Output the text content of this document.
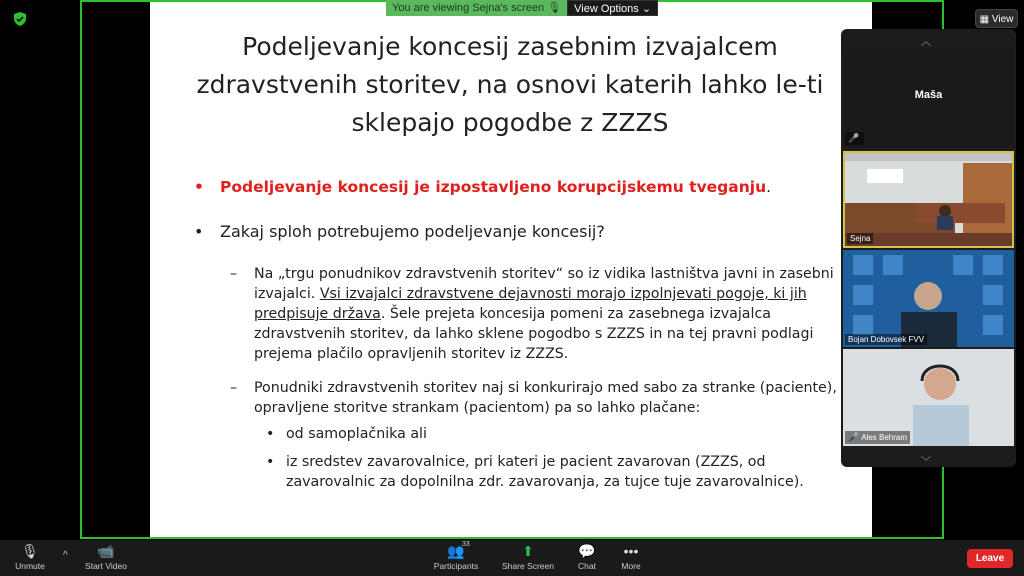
Podeljevanje koncesij zasebnim izvajalcem zdravstvenih storitev, na osnovi katerih lahko le-ti sklepajo pogodbe z ZZZS
• Podeljevanje koncesij je izpostavljeno korupcijskemu tveganju.
• Zakaj sploh potrebujemo podeljevanje koncesij?
– Na „trgu ponudnikov zdravstvenih storitev“ so iz vidika lastništva javni in zasebni izvajalci. Vsi izvajalci zdravstvene dejavnosti morajo izpolnjevati pogoje, ki jih predpisuje država. Šele prejeta koncesija pomeni za zasebnega izvajalca zdravstvenih storitev, da lahko sklene pogodbo s ZZZS in na tej pravni podlagi prejema plačilo opravljenih storitev iz ZZZS.
– Ponudniki zdravstvenih storitev naj si konkurirajo med sabo za stranke (paciente), opravljene storitve strankam (pacientom) pa so lahko plačane:
• od samoplačnika ali
• iz sredstev zavarovalnice, pri kateri je pacient zavarovan (ZZZS, od zavarovalnic za dopolnilna zdr. zavarovanja, za tujce tuje zavarovalnice).
You are viewing Sejna's screen 🎙	View Options ⌄
▦ View
︿
Maša
🎤
Sejna
Bojan Dobovsek FVV
🎤 Ales Behram
﹀
🎙
Unmute
^	📹
Start Video
👥
33
Participants
⬆
Share Screen
💬
Chat
•••
More
Leave
